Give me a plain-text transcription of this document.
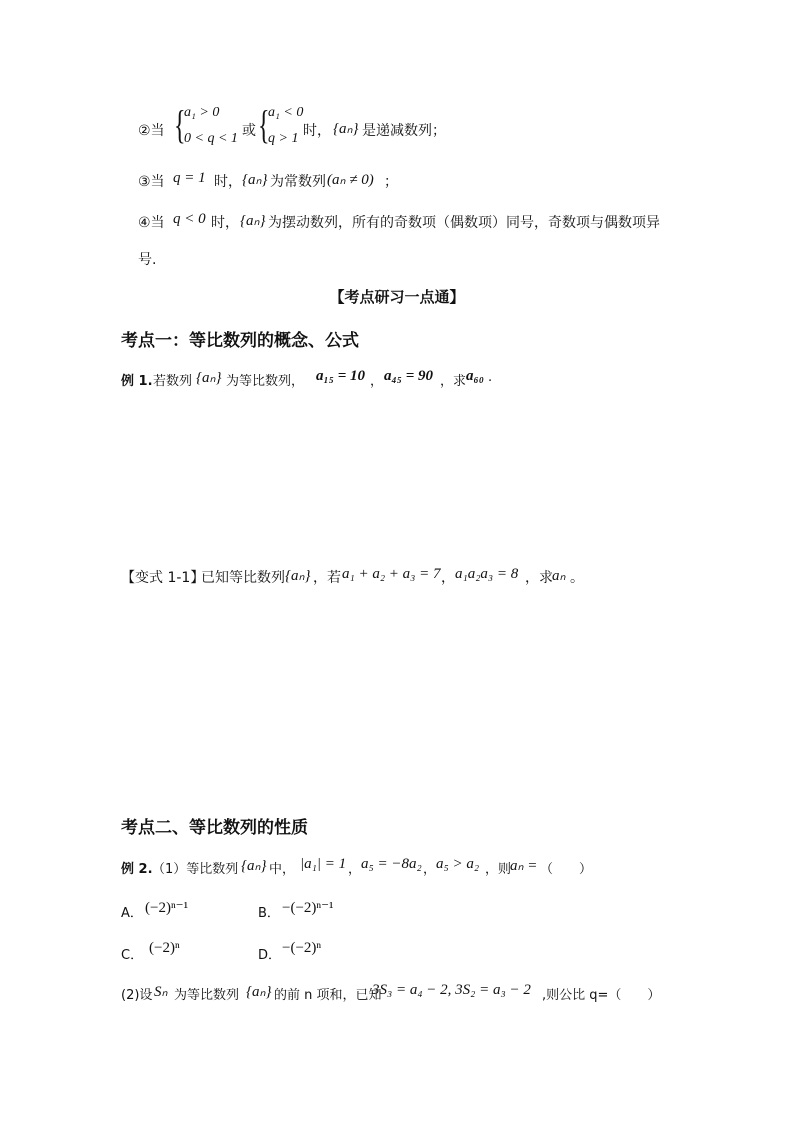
②当 {
a₁ > 0
0 < q < 1 或 {
a₁ < 0
q > 1 时， {aₙ} 是递减数列；
③当 q = 1 时， {aₙ} 为常数列 (aₙ ≠ 0) ；
④当 q < 0 时， {aₙ} 为摆动数列，所有的奇数项（偶数项）同号，奇数项与偶数项异
号.
【考点研习一点通】
考点一：等比数列的概念、公式
例 1. 若数列 {aₙ} 为等比数列， a₁₅ = 10 ， a₄₅ = 90 ，求 a₆₀ .
【变式 1-1】
已知等比数列 {aₙ} ，若 a₁ + a₂ + a₃ = 7 ， a₁a₂a₃ = 8 ，求 aₙ 。
考点二、等比数列的性质
例 2. （1）等比数列 {aₙ} 中， |a₁| = 1 ， a₅ = −8a₂ ， a₅ > a₂ ，则
aₙ = （　　）
A． (−2)ⁿ⁻¹	B． −(−2)ⁿ⁻¹
C． (−2)ⁿ	D． −(−2)ⁿ
(2)设 Sₙ 为等比数列 {aₙ} 的前 n 项和，已知
3S₃ = a₄ − 2, 3S₂ = a₃ − 2 ,则公比 q=（　　）
